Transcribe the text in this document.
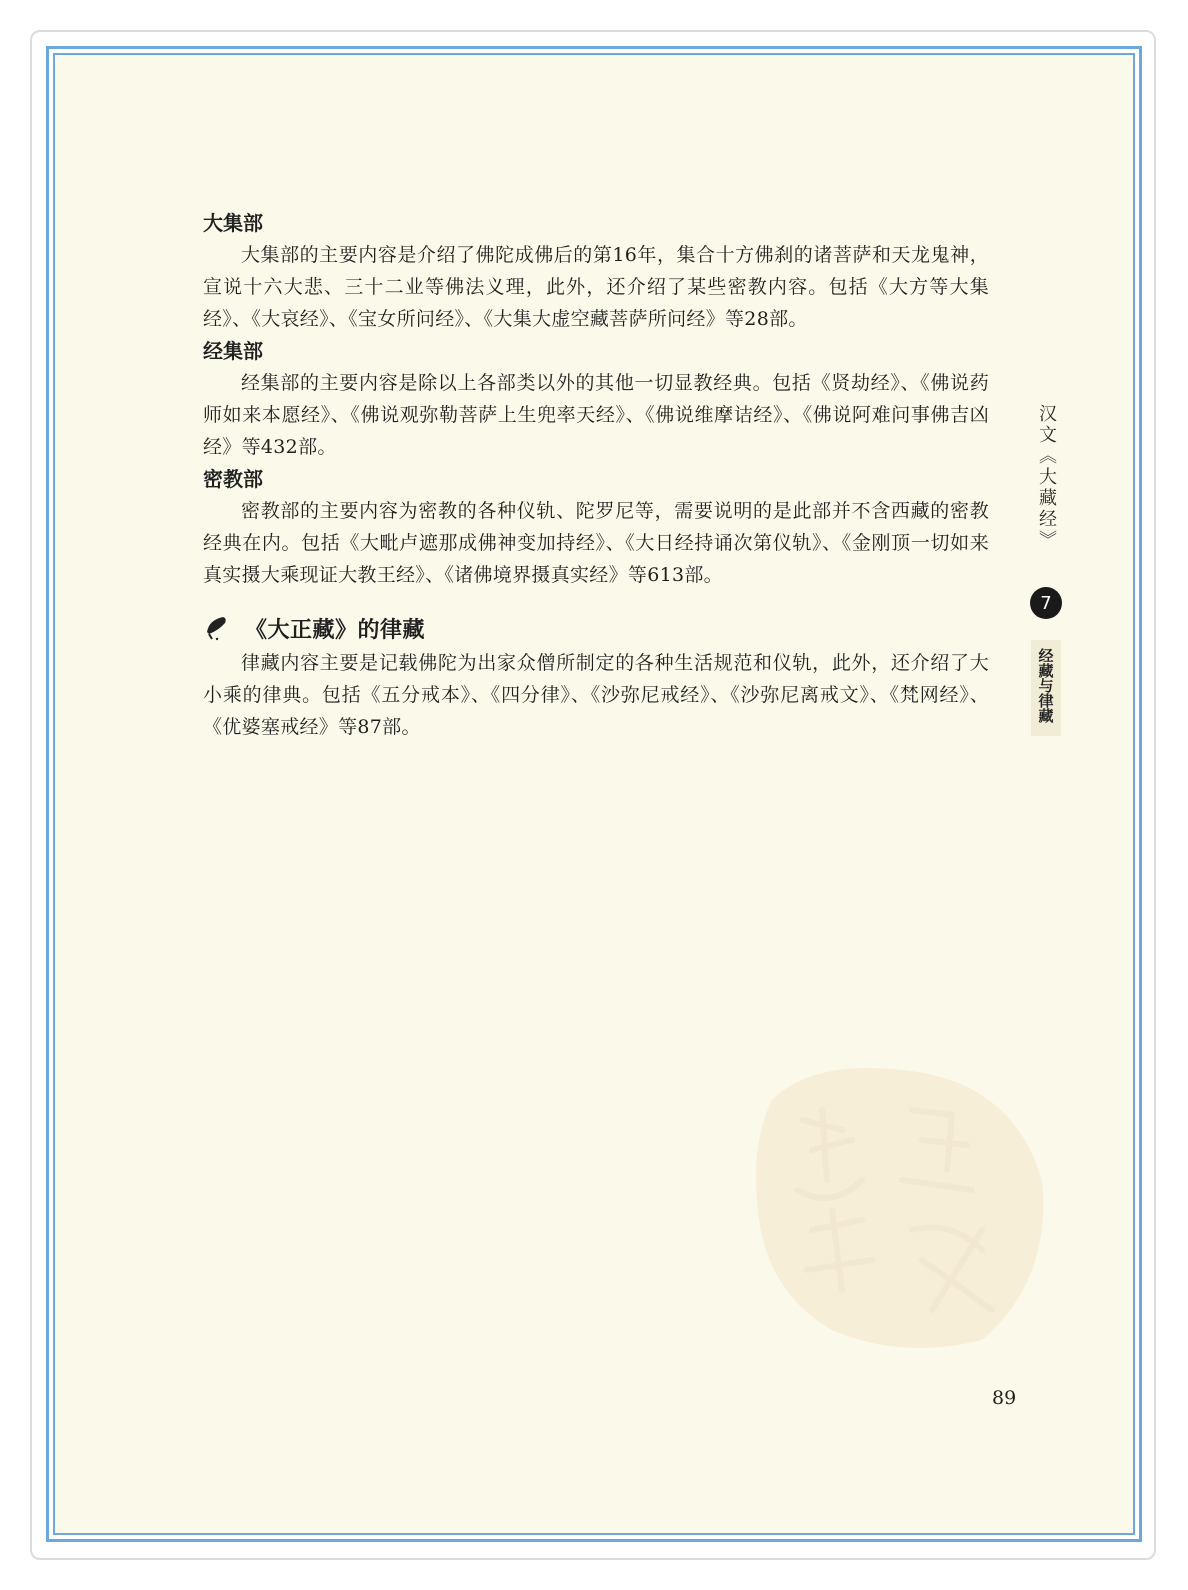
大集部

大集部的主要内容是介绍了佛陀成佛后的第16年，集合十方佛刹的诸菩萨和天龙鬼神，宣说十六大悲、三十二业等佛法义理，此外，还介绍了某些密教内容。包括《大方等大集经》、《大哀经》、《宝女所问经》、《大集大虚空藏菩萨所问经》等28部。

经集部

经集部的主要内容是除以上各部类以外的其他一切显教经典。包括《贤劫经》、《佛说药师如来本愿经》、《佛说观弥勒菩萨上生兜率天经》、《佛说维摩诘经》、《佛说阿难问事佛吉凶经》等432部。

密教部

密教部的主要内容为密教的各种仪轨、陀罗尼等，需要说明的是此部并不含西藏的密教经典在内。包括《大毗卢遮那成佛神变加持经》、《大日经持诵次第仪轨》、《金刚顶一切如来真实摄大乘现证大教王经》、《诸佛境界摄真实经》等613部。

《大正藏》的律藏

律藏内容主要是记载佛陀为出家众僧所制定的各种生活规范和仪轨，此外，还介绍了大小乘的律典。包括《五分戒本》、《四分律》、《沙弥尼戒经》、《沙弥尼离戒文》、《梵网经》、《优婆塞戒经》等87部。

汉文《大藏经》
7
经藏与律藏
89
